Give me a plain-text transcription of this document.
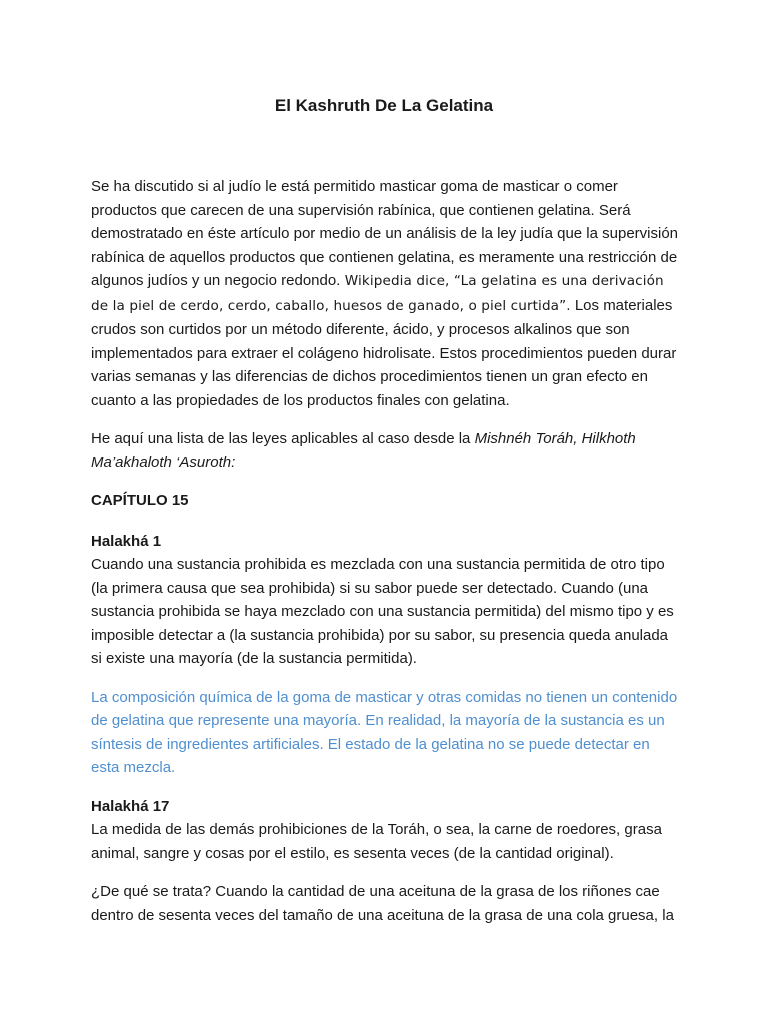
El Kashruth De La Gelatina

Se ha discutido si al judío le está permitido masticar goma de masticar o comer productos que carecen de una supervisión rabínica, que contienen gelatina. Será demostratado en éste artículo por medio de un análisis de la ley judía que la supervisión rabínica de aquellos productos que contienen gelatina, es meramente una restricción de algunos judíos y un negocio redondo. Wikipedia dice, “La gelatina es una derivación de la piel de cerdo, cerdo, caballo, huesos de ganado, o piel curtida”. Los materiales crudos son curtidos por un método diferente, ácido, y procesos alkalinos que son implementados para extraer el colágeno hidrolisate. Estos procedimientos pueden durar varias semanas y las diferencias de dichos procedimientos tienen un gran efecto en cuanto a las propiedades de los productos finales con gelatina.

He aquí una lista de las leyes aplicables al caso desde la Mishnéh Toráh, Hilkhoth Ma’akhaloth ‘Asuroth:

CAPÍTULO 15

Halakhá 1

Cuando una sustancia prohibida es mezclada con una sustancia permitida de otro tipo (la primera causa que sea prohibida) si su sabor puede ser detectado. Cuando (una sustancia prohibida se haya mezclado con una sustancia permitida) del mismo tipo y es imposible detectar a (la sustancia prohibida) por su sabor, su presencia queda anulada si existe una mayoría (de la sustancia permitida).

La composición química de la goma de masticar y otras comidas no tienen un contenido de gelatina que represente una mayoría. En realidad, la mayoría de la sustancia es un síntesis de ingredientes artificiales. El estado de la gelatina no se puede detectar en esta mezcla.

Halakhá 17

La medida de las demás prohibiciones de la Toráh, o sea, la carne de roedores, grasa animal, sangre y cosas por el estilo, es sesenta veces (de la cantidad original).

¿De qué se trata? Cuando la cantidad de una aceituna de la grasa de los riñones cae dentro de sesenta veces del tamaño de una aceituna de la grasa de una cola gruesa, la
